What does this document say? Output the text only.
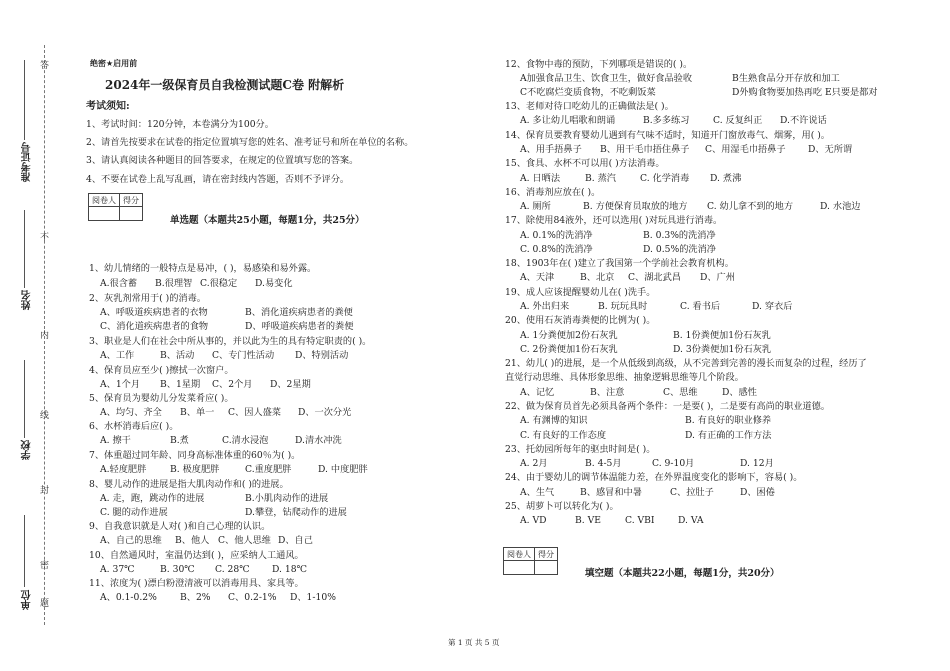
答
不
内
线
封
密
题
准考证号
姓名
学校
单位
绝密★启用前
2024年一级保育员自我检测试题C卷 附解析
考试须知:
1、考试时间：120分钟，本卷满分为100分。
2、请首先按要求在试卷的指定位置填写您的姓名、准考证号和所在单位的名称。
3、请认真阅读各种题目的回答要求，在规定的位置填写您的答案。
4、不要在试卷上乱写乱画，请在密封线内答题，否则不予评分。
阅卷人	得分

单选题（本题共25小题，每题1分，共25分）
1、幼儿情绪的一般特点是易冲，( )，易感染和易外露。
A.很含蓄 B.很理智 C.很稳定 D.易变化
2、灰乳剂常用于( )的消毒。
A、呼吸道疾病患者的衣物	B、消化道疾病患者的粪便
C、消化道疾病患者的食物	D、呼吸道疾病患者的粪便
3、职业是人们在社会中所从事的，并以此为生的具有特定职责的( )。
A、工作	B、活动 C、专门性活动 D、特别活动
4、保育员应至少( )擦拭一次窗户。
A、1个月 B、1星期 C、2个月 D、2星期
5、保育员为婴幼儿分发菜肴应( )。
A、均匀、齐全 B、单一 C、因人盛菜 D、一次分光
6、水杯消毒后应( )。
A. 擦干	B.煮	C.清水浸泡	D.清水冲洗
7、体重超过同年龄、同身高标准体重的60％为( )。
A.轻度肥胖	B. 极度肥胖	C.重度肥胖	D. 中度肥胖
8、婴儿动作的进展是指大肌肉动作和( )的进展。
A. 走，跑，跳动作的进展	B.小肌肉动作的进展
C. 腿的动作进展	D.攀登，钻爬动作的进展
9、自我意识就是人对( )和自己心理的认识。
A、自己的思维 B、他人 C、他人思维 D、自己
10、自然通风时，室温仍达到( )，应采纳人工通风。
A. 37℃	B. 30℃ C. 28℃ D. 18℃
11、浓度为( )漂白粉澄清液可以消毒用具、家具等。
A、0.1-0.2%	B、2% C、0.2-1% D、1-10%
12、食物中毒的预防，下列哪项是错误的( )。
A加强食品卫生、饮食卫生，做好食品验收	B生熟食品分开存放和加工
C不吃腐烂变质食物，不吃剩饭菜	D外购食物要加热再吃 E只要是都对
13、老师对待口吃幼儿的正确做法是( )。
A. 多让幼儿唱歌和朗诵	B.多多练习	C. 反复纠正 D.不许说话
14、保育员要教育婴幼儿遇到有气味不适时，知道开门窗放毒气、烟雾，用( )。
A、用手捂鼻子 B、用干毛巾捂住鼻子 C、用湿毛巾捂鼻子 D、无所谓
15、食具、水杯不可以用( )方法消毒。
A. 日晒法	B. 蒸汽	C. 化学消毒 D. 煮沸
16、消毒剂应放在( )。
A. 厕所	B. 方便保育员取放的地方 C. 幼儿拿不到的地方	D. 水池边
17、除使用84液外，还可以选用( )对玩具进行消毒。
A. 0.1%的洗消净	B. 0.3%的洗消净
C. 0.8%的洗消净	D. 0.5%的洗消净
18、1903年在( )建立了我国第一个学前社会教育机构。
A、天津	B、北京 C、湖北武昌 D、广州
19、成人应该提醒婴幼儿在( )洗手。
A. 外出归来	B. 玩玩具时	C. 看书后	D. 穿衣后
20、使用石灰消毒粪便的比例为( )。
A. 1分粪便加2份石灰乳	B. 1份粪便加1份石灰乳
C. 2份粪便加1份石灰乳	D. 3份粪便加1份石灰乳
21、幼儿( )的进展，是一个从低级到高级，从不完善到完善的漫长而复杂的过程，经历了
直觉行动思维、具体形象思维、抽象逻辑思维等几个阶段。
A、记忆	B、注意	C、思维	D、感性
22、做为保育员首先必须具备两个条件：一是要( )，二是要有高尚的职业道德。
A. 有渊博的知识	B. 有良好的职业修养
C. 有良好的工作态度	D. 有正确的工作方法
23、托幼园所每年的驱虫时间是( )。
A. 2月	B. 4-5月	C. 9-10月	D. 12月
24、由于婴幼儿的调节体温能力差，在外界温度变化的影响下，容易( )。
A、生气	B、感冒和中暑	C、拉肚子	D、困倦
25、胡萝卜可以转化为( )。
A. VD	B. VE	C. VBI	D. VA
阅卷人	得分

填空题（本题共22小题，每题1分，共20分）
第 1 页 共 5 页
